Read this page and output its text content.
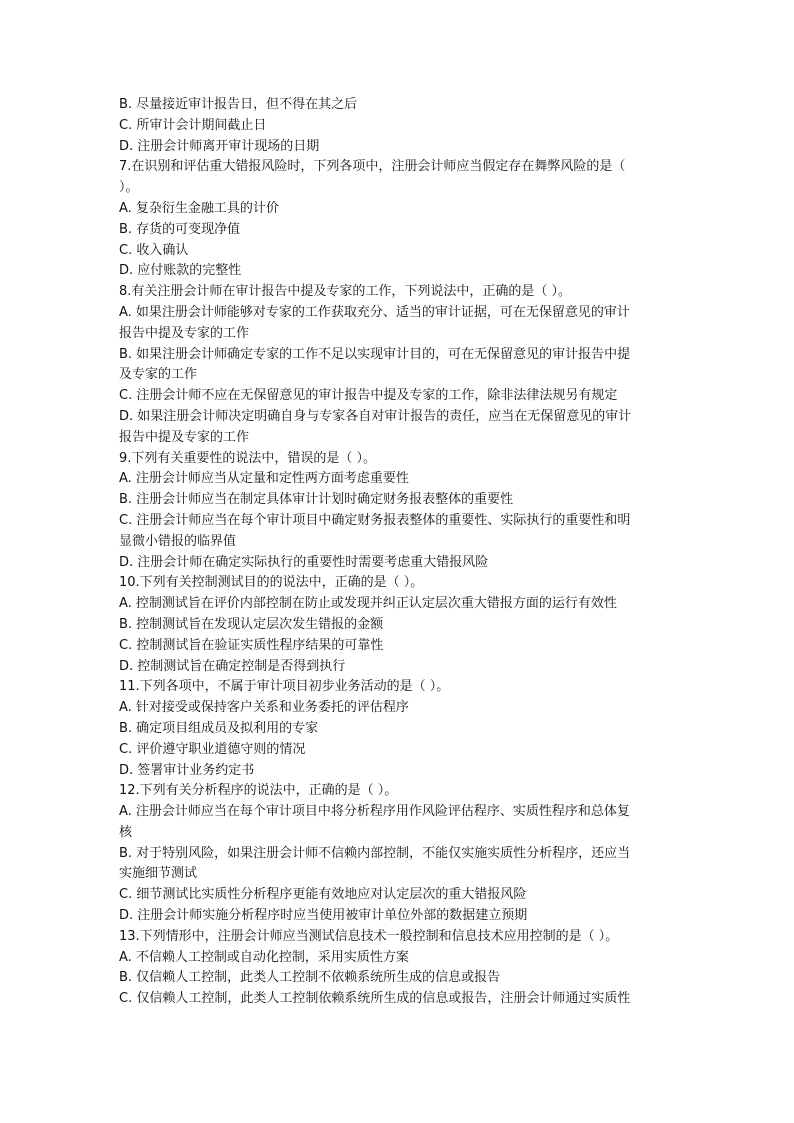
B. 尽量接近审计报告日，但不得在其之后
C. 所审计会计期间截止日
D. 注册会计师离开审计现场的日期
7.在识别和评估重大错报风险时，下列各项中，注册会计师应当假定存在舞弊风险的是（
）。
A. 复杂衍生金融工具的计价
B. 存货的可变现净值
C. 收入确认
D. 应付账款的完整性
8.有关注册会计师在审计报告中提及专家的工作，下列说法中，正确的是（ ）。
A. 如果注册会计师能够对专家的工作获取充分、适当的审计证据，可在无保留意见的审计
报告中提及专家的工作
B. 如果注册会计师确定专家的工作不足以实现审计目的，可在无保留意见的审计报告中提
及专家的工作
C. 注册会计师不应在无保留意见的审计报告中提及专家的工作，除非法律法规另有规定
D. 如果注册会计师决定明确自身与专家各自对审计报告的责任，应当在无保留意见的审计
报告中提及专家的工作
9.下列有关重要性的说法中，错误的是（ ）。
A. 注册会计师应当从定量和定性两方面考虑重要性
B. 注册会计师应当在制定具体审计计划时确定财务报表整体的重要性
C. 注册会计师应当在每个审计项目中确定财务报表整体的重要性、实际执行的重要性和明
显微小错报的临界值
D. 注册会计师在确定实际执行的重要性时需要考虑重大错报风险
10.下列有关控制测试目的的说法中，正确的是（ ）。
A. 控制测试旨在评价内部控制在防止或发现并纠正认定层次重大错报方面的运行有效性
B. 控制测试旨在发现认定层次发生错报的金额
C. 控制测试旨在验证实质性程序结果的可靠性
D. 控制测试旨在确定控制是否得到执行
11.下列各项中，不属于审计项目初步业务活动的是（ ）。
A. 针对接受或保持客户关系和业务委托的评估程序
B. 确定项目组成员及拟利用的专家
C. 评价遵守职业道德守则的情况
D. 签署审计业务约定书
12.下列有关分析程序的说法中，正确的是（ ）。
A. 注册会计师应当在每个审计项目中将分析程序用作风险评估程序、实质性程序和总体复
核
B. 对于特别风险，如果注册会计师不信赖内部控制，不能仅实施实质性分析程序，还应当
实施细节测试
C. 细节测试比实质性分析程序更能有效地应对认定层次的重大错报风险
D. 注册会计师实施分析程序时应当使用被审计单位外部的数据建立预期
13.下列情形中，注册会计师应当测试信息技术一般控制和信息技术应用控制的是（ ）。
A. 不信赖人工控制或自动化控制，采用实质性方案
B. 仅信赖人工控制，此类人工控制不依赖系统所生成的信息或报告
C. 仅信赖人工控制，此类人工控制依赖系统所生成的信息或报告，注册会计师通过实质性
